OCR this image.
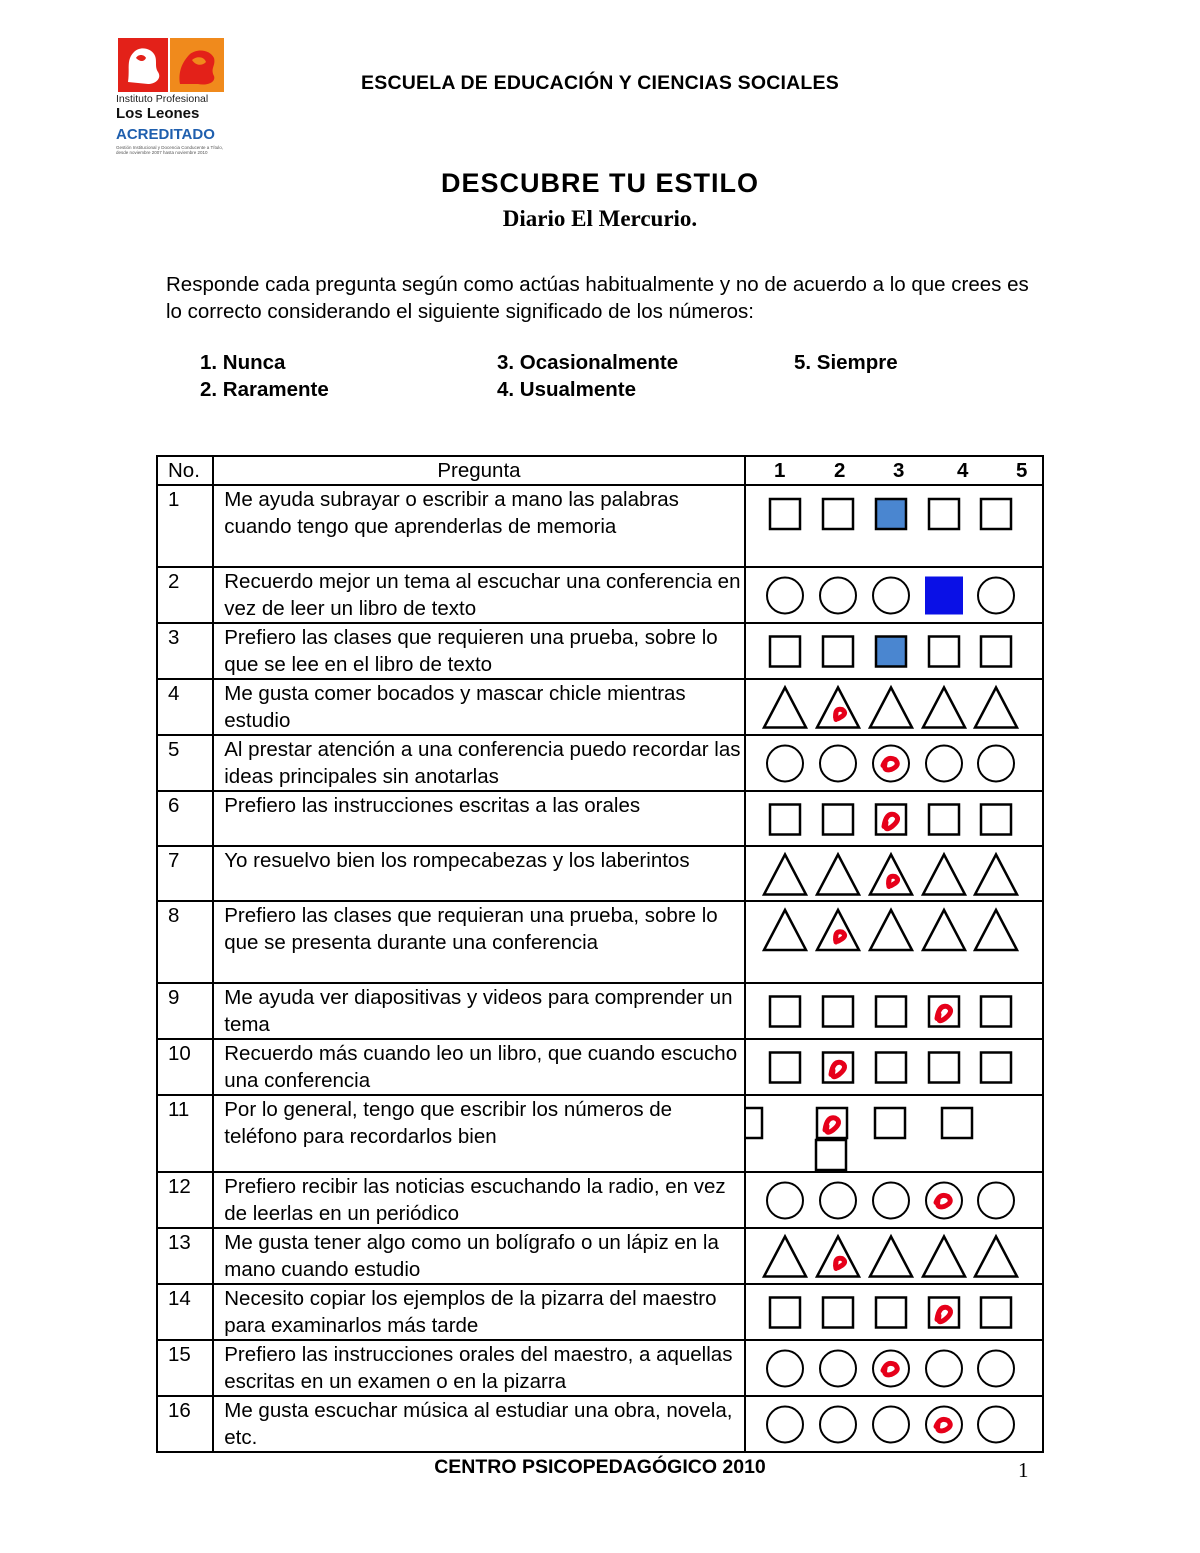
Instituto Profesional
Los Leones
ACREDITADO
Gestión Institucional y Docencia Conducente a Título, desde noviembre 2007 hasta noviembre 2010
ESCUELA DE EDUCACIÓN Y CIENCIAS SOCIALES
DESCUBRE TU ESTILO
Diario El Mercurio.
Responde cada pregunta según como actúas habitualmente y no de acuerdo a lo que crees es lo correcto considerando el siguiente significado de los números:
1. Nunca
2. Raramente
3. Ocasionalmente
4. Usualmente
5. Siempre
No.	Pregunta	1 2 3 4 5

1	Me ayuda subrayar o escribir a mano las palabras cuando tengo que aprenderlas de memoria	

2	Recuerdo mejor un tema al escuchar una conferencia en vez de leer un libro de texto	

3	Prefiero las clases que requieren una prueba, sobre lo que se lee en el libro de texto	

4	Me gusta comer bocados y mascar chicle mientras estudio	

5	Al prestar atención a una conferencia puedo recordar las ideas principales sin anotarlas	

6	Prefiero las instrucciones escritas a las orales	

7	Yo resuelvo bien los rompecabezas y los laberintos	

8	Prefiero las clases que requieran una prueba, sobre lo que se presenta durante una conferencia	

9	Me ayuda ver diapositivas y videos para comprender un tema	

10	Recuerdo más cuando leo un libro, que cuando escucho una conferencia	

11	Por lo general, tengo que escribir los números de teléfono para recordarlos bien	

12	Prefiero recibir las noticias escuchando la radio, en vez de leerlas en un periódico	

13	Me gusta tener algo como un bolígrafo o un lápiz en la mano cuando estudio	

14	Necesito copiar los ejemplos de la pizarra del maestro para examinarlos más tarde	

15	Prefiero las instrucciones orales del maestro, a aquellas escritas en un examen o en la pizarra	

16	Me gusta escuchar música al estudiar una obra, novela, etc.	
CENTRO PSICOPEDAGÓGICO 2010	1
